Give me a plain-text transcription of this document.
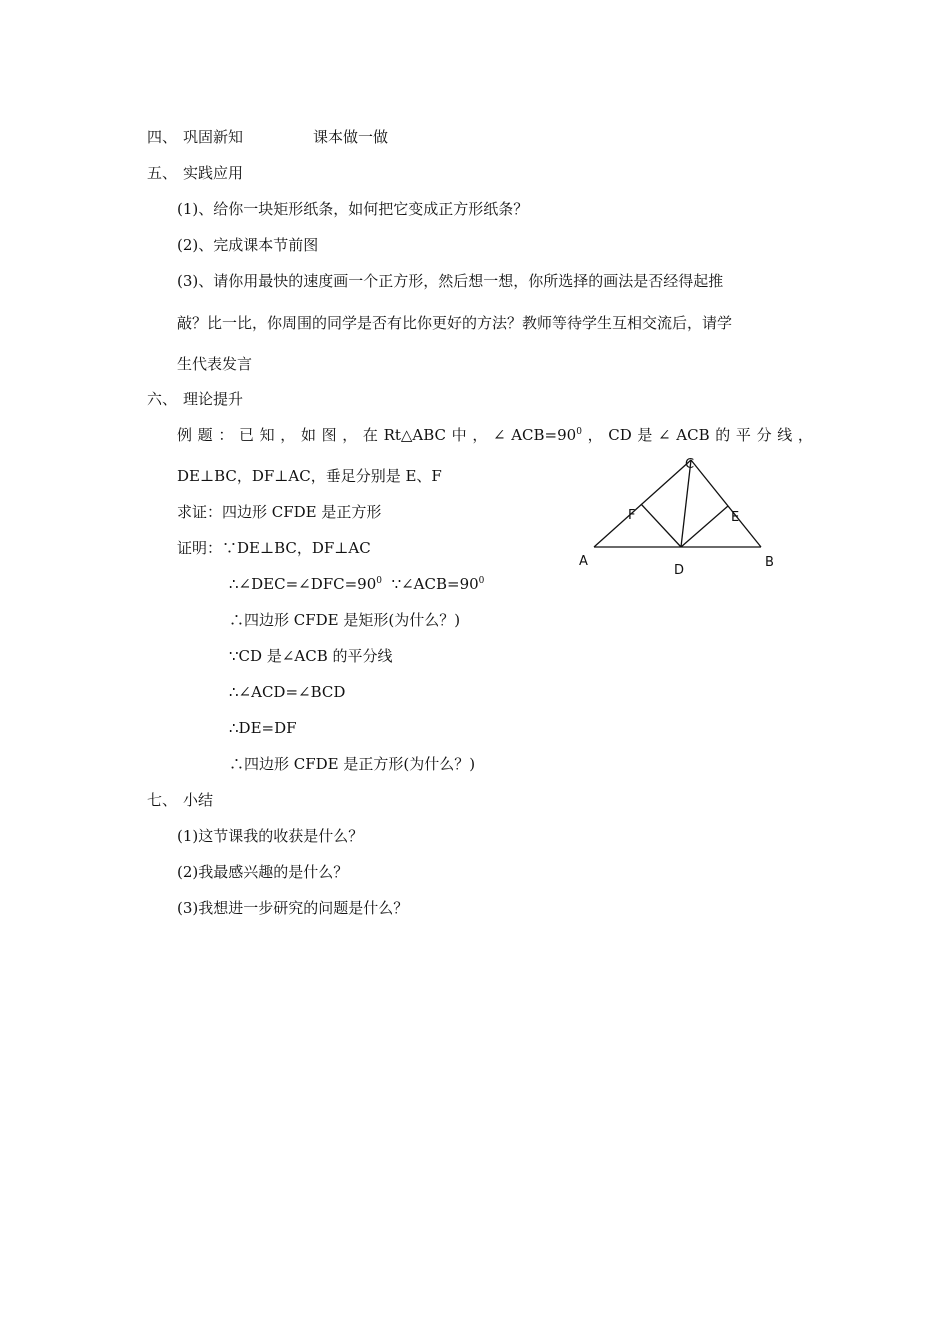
四、 巩固新知	课本做一做
五、 实践应用
(1)、给你一块矩形纸条，如何把它变成正方形纸条？
(2)、完成课本节前图
(3)、请你用最快的速度画一个正方形，然后想一想，你所选择的画法是否经得起推
敲？比一比，你周围的同学是否有比你更好的方法？教师等待学生互相交流后，请学
生代表发言
六、 理论提升
例 题 ： 已 知 ， 如 图 ， 在 Rt△ABC 中 ， ∠ $ACB=90^0$ ， CD 是 ∠ ACB 的 平 分 线 ，
DE⊥BC，DF⊥AC，垂足分别是 E、F
求证：四边形 CFDE 是正方形
证明：∵DE⊥BC，DF⊥AC
$\therefore\angle DEC=\angle DFC=90^0$ $\because\angle ACB=90^0$
∴四边形 CFDE 是矩形(为什么？)
∵CD 是∠ACB 的平分线
∴∠ACD=∠BCD
∴DE=DF
∴四边形 CFDE 是正方形(为什么？)
C
F	E
A
D
B
七、 小结
(1)这节课我的收获是什么？
(2)我最感兴趣的是什么？
(3)我想进一步研究的问题是什么？
